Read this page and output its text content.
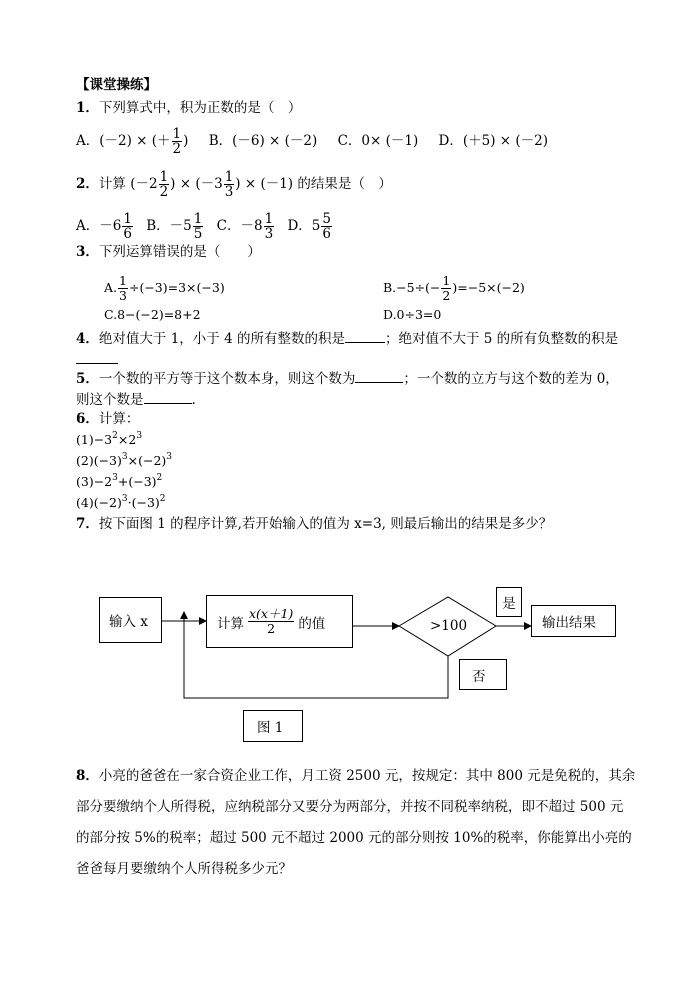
【课堂操练】
1．下列算式中，积为正数的是（　）
A．(－2) × (＋ $\frac{1}{2}$ ) B．(－6) × (－2) C．0× (－1) D．(＋5) × (－2)
2．计算 ($-2 \frac{1}{2}$ ) × ($-3 \frac{1}{3}$ ) × (－1) 的结果是（　）
A．$-6 \frac{1}{6}$ B．$-5 \frac{1}{5}$ C．$-8 \frac{1}{3}$ D．$5 \frac{5}{6}$
3．下列运算错误的是（　　）
A. $\frac{1}{3} \div(-3)=3\times(-3)$	$B.-5\div(- \frac{1}{2} )=-5\times(-2)$
C.8−(−2)=8+2	D.0÷3=0
4．绝对值大于 1，小于 4 的所有整数的积是	；绝对值不大于 5 的所有负整数的积是
5．一个数的平方等于这个数本身，则这个数为	；一个数的立方与这个数的差为 0，
则这个数是	.
6．计算：
$(1)-3^2\times 2^3$
$(2)(-3)^3\times(-2)^3$
$(3)-2^3+(-3)^2$
$(4)(-2)^3\cdot(-3)^2$
7．按下面图 1 的程序计算,若开始输入的值为 x=3, 则最后输出的结果是多少？
输入 x	计算 $\frac{x(x+1)}{2}$ 的值	>100
是
输出结果
否
图 1
8．小亮的爸爸在一家合资企业工作，月工资 2500 元，按规定：其中 800 元是免税的，其余部分要缴纳个人所得税，应纳税部分又要分为两部分，并按不同税率纳税，即不超过 500 元的部分按 5%的税率；超过 500 元不超过 2000 元的部分则按 10%的税率，你能算出小亮的爸爸每月要缴纳个人所得税多少元？
